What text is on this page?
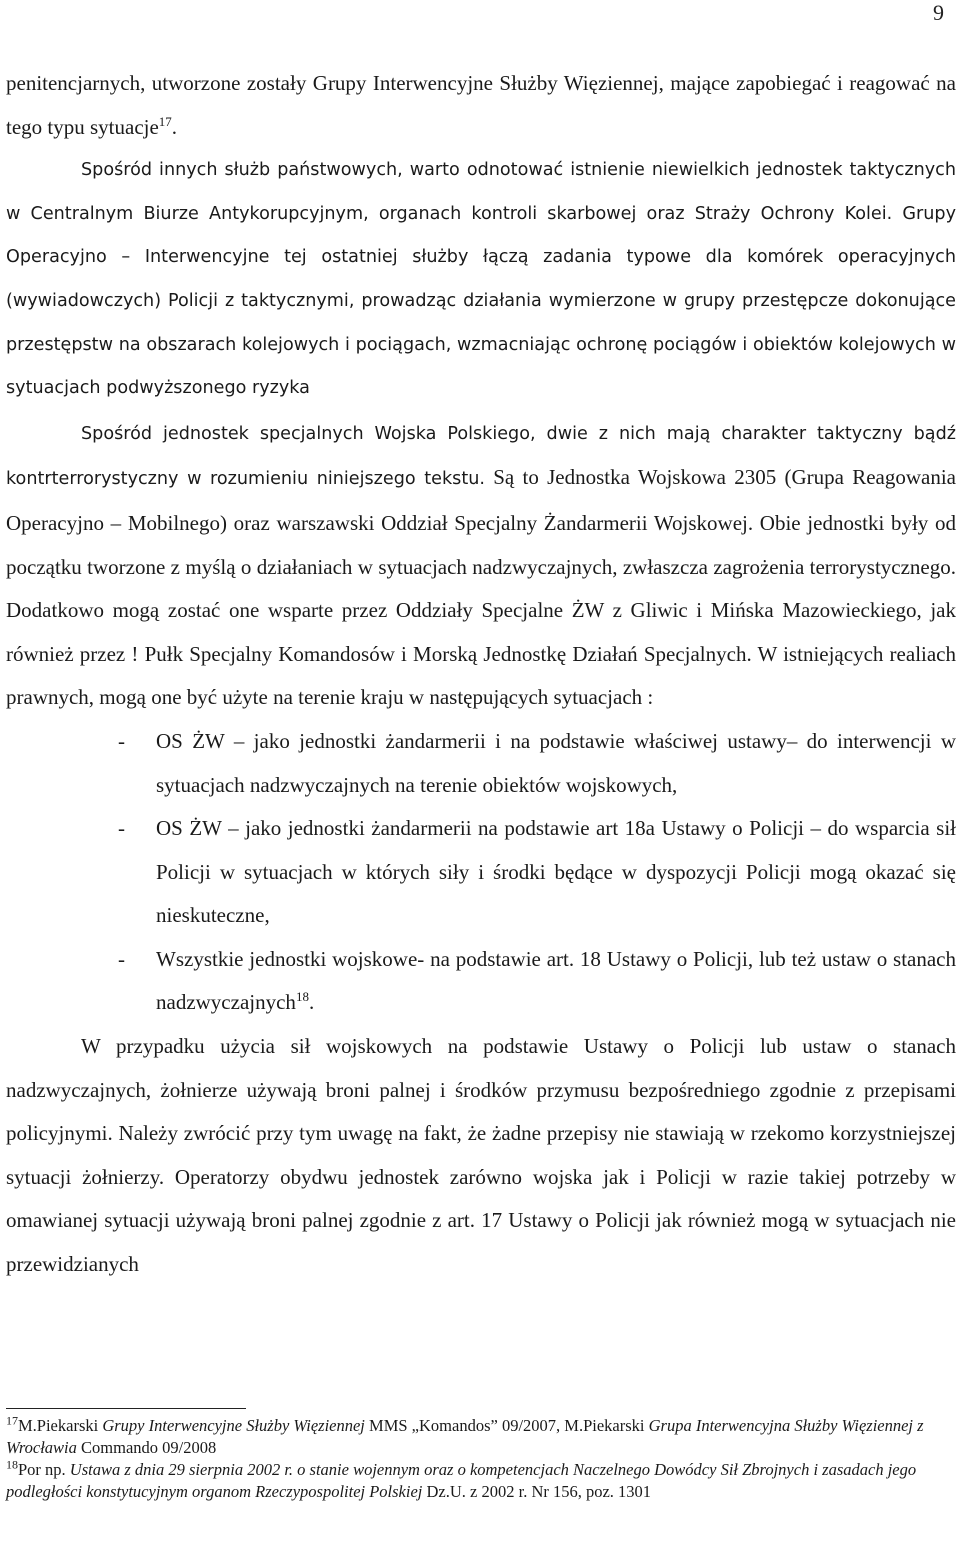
9

penitencjarnych, utworzone zostały Grupy Interwencyjne Służby Więziennej, mające zapobiegać i reagować na tego typu sytuacje$^{17}$.

Spośród innych służb państwowych, warto odnotować istnienie niewielkich jednostek taktycznych w Centralnym Biurze Antykorupcyjnym, organach kontroli skarbowej oraz Straży Ochrony Kolei. Grupy Operacyjno – Interwencyjne tej ostatniej służby łączą zadania typowe dla komórek operacyjnych (wywiadowczych) Policji z taktycznymi, prowadząc działania wymierzone w grupy przestępcze dokonujące przestępstw na obszarach kolejowych i pociągach, wzmacniając ochronę pociągów i obiektów kolejowych w sytuacjach podwyższonego ryzyka

Spośród jednostek specjalnych Wojska Polskiego, dwie z nich mają charakter taktyczny bądź kontrterrorystyczny w rozumieniu niniejszego tekstu. Są to Jednostka Wojskowa 2305 (Grupa Reagowania Operacyjno – Mobilnego) oraz warszawski Oddział Specjalny Żandarmerii Wojskowej. Obie jednostki były od początku tworzone z myślą o działaniach w sytuacjach nadzwyczajnych, zwłaszcza zagrożenia terrorystycznego. Dodatkowo mogą zostać one wsparte przez Oddziały Specjalne ŻW z Gliwic i Mińska Mazowieckiego, jak również przez ! Pułk Specjalny Komandosów i Morską Jednostkę Działań Specjalnych. W istniejących realiach prawnych, mogą one być użyte na terenie kraju w następujących sytuacjach :

- OS ŻW – jako jednostki żandarmerii i na podstawie właściwej ustawy– do interwencji w sytuacjach nadzwyczajnych na terenie obiektów wojskowych,
- OS ŻW – jako jednostki żandarmerii na podstawie art 18a Ustawy o Policji – do wsparcia sił Policji w sytuacjach w których siły i środki będące w dyspozycji Policji mogą okazać się nieskuteczne,
- Wszystkie jednostki wojskowe- na podstawie art. 18 Ustawy o Policji, lub też ustaw o stanach nadzwyczajnych$^{18}$.

W przypadku użycia sił wojskowych na podstawie Ustawy o Policji lub ustaw o stanach nadzwyczajnych, żołnierze używają broni palnej i środków przymusu bezpośredniego zgodnie z przepisami policyjnymi. Należy zwrócić przy tym uwagę na fakt, że żadne przepisy nie stawiają w rzekomo korzystniejszej sytuacji żołnierzy. Operatorzy obydwu jednostek zarówno wojska jak i Policji w razie takiej potrzeby w omawianej sytuacji używają broni palnej zgodnie z art. 17 Ustawy o Policji jak również mogą w sytuacjach nie przewidzianych

$^{17}$M.Piekarski Grupy Interwencyjne Służby Więziennej MMS „Komandos” 09/2007, M.Piekarski Grupa Interwencyjna Służby Więziennej z Wrocławia Commando 09/2008

$^{18}$Por np. Ustawa z dnia 29 sierpnia 2002 r. o stanie wojennym oraz o kompetencjach Naczelnego Dowódcy Sił Zbrojnych i zasadach jego podległości konstytucyjnym organom Rzeczypospolitej Polskiej Dz.U. z 2002 r. Nr 156, poz. 1301
